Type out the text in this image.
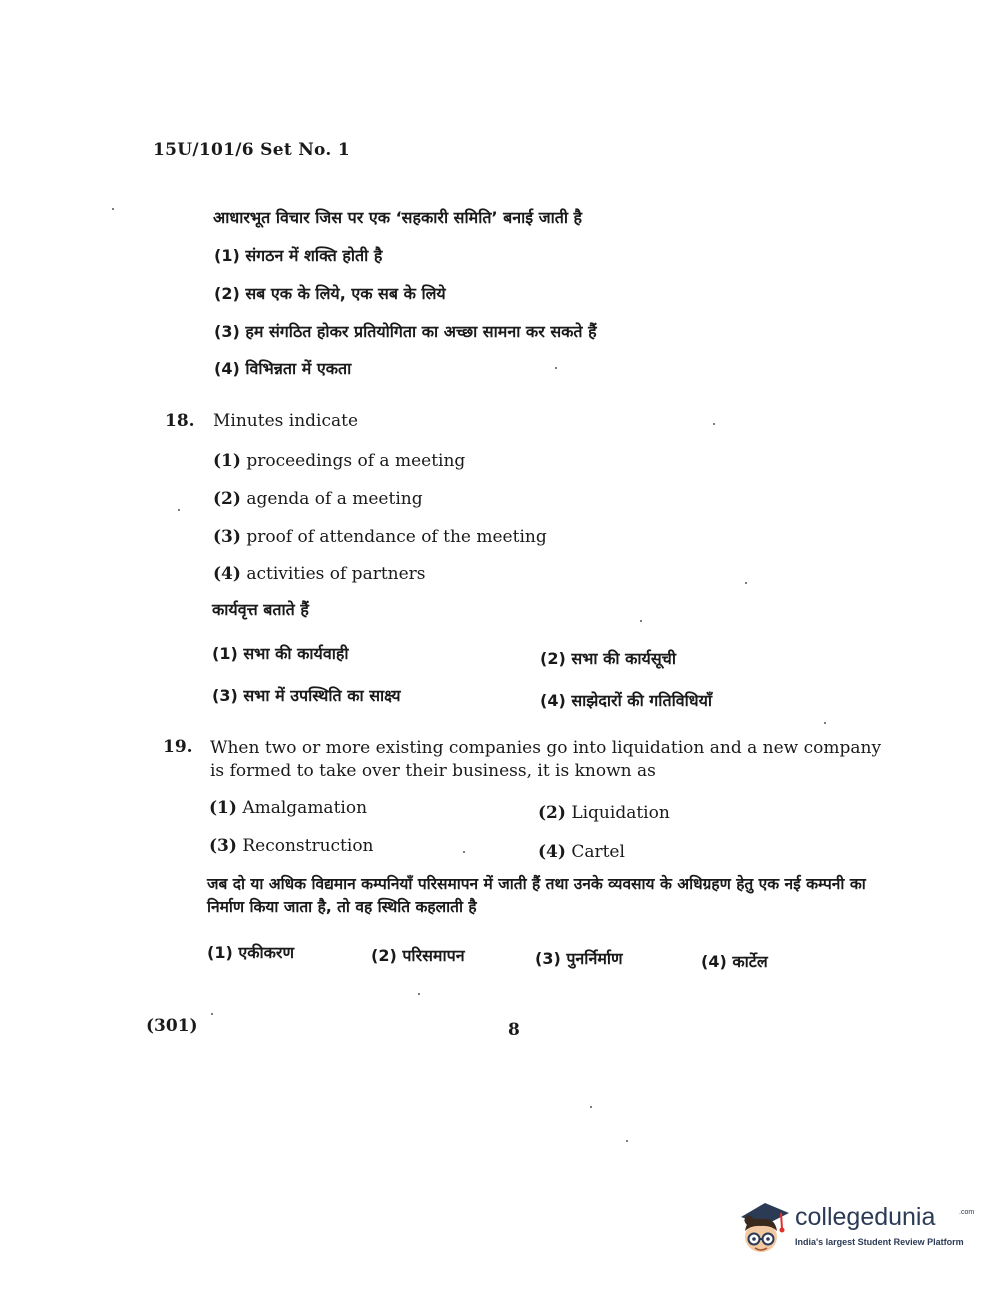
15U/101/6 Set No. 1
आधारभूत विचार जिस पर एक ‘सहकारी समिति’ बनाई जाती है
(1) संगठन में शक्ति होती है
(2) सब एक के लिये, एक सब के लिये
(3) हम संगठित होकर प्रतियोगिता का अच्छा सामना कर सकते हैं
(4) विभिन्नता में एकता
18. Minutes indicate
(1) proceedings of a meeting
(2) agenda of a meeting
(3) proof of attendance of the meeting
(4) activities of partners
कार्यवृत्त बताते हैं
(1) सभा की कार्यवाही	(2) सभा की कार्यसूची
(3) सभा में उपस्थिति का साक्ष्य	(4) साझेदारों की गतिविधियाँ
19. When two or more existing companies go into liquidation and a new company is formed to take over their business, it is known as
(1) Amalgamation	(2) Liquidation
(3) Reconstruction	(4) Cartel
जब दो या अधिक विद्यमान कम्पनियाँ परिसमापन में जाती हैं तथा उनके व्यवसाय के अधिग्रहण हेतु एक नई कम्पनी का निर्माण किया जाता है, तो वह स्थिति कहलाती है
(1) एकीकरण	(2) परिसमापन	(3) पुनर्निर्माण	(4) कार्टेल
(301)	8
collegedunia	.com
India's largest Student Review Platform
